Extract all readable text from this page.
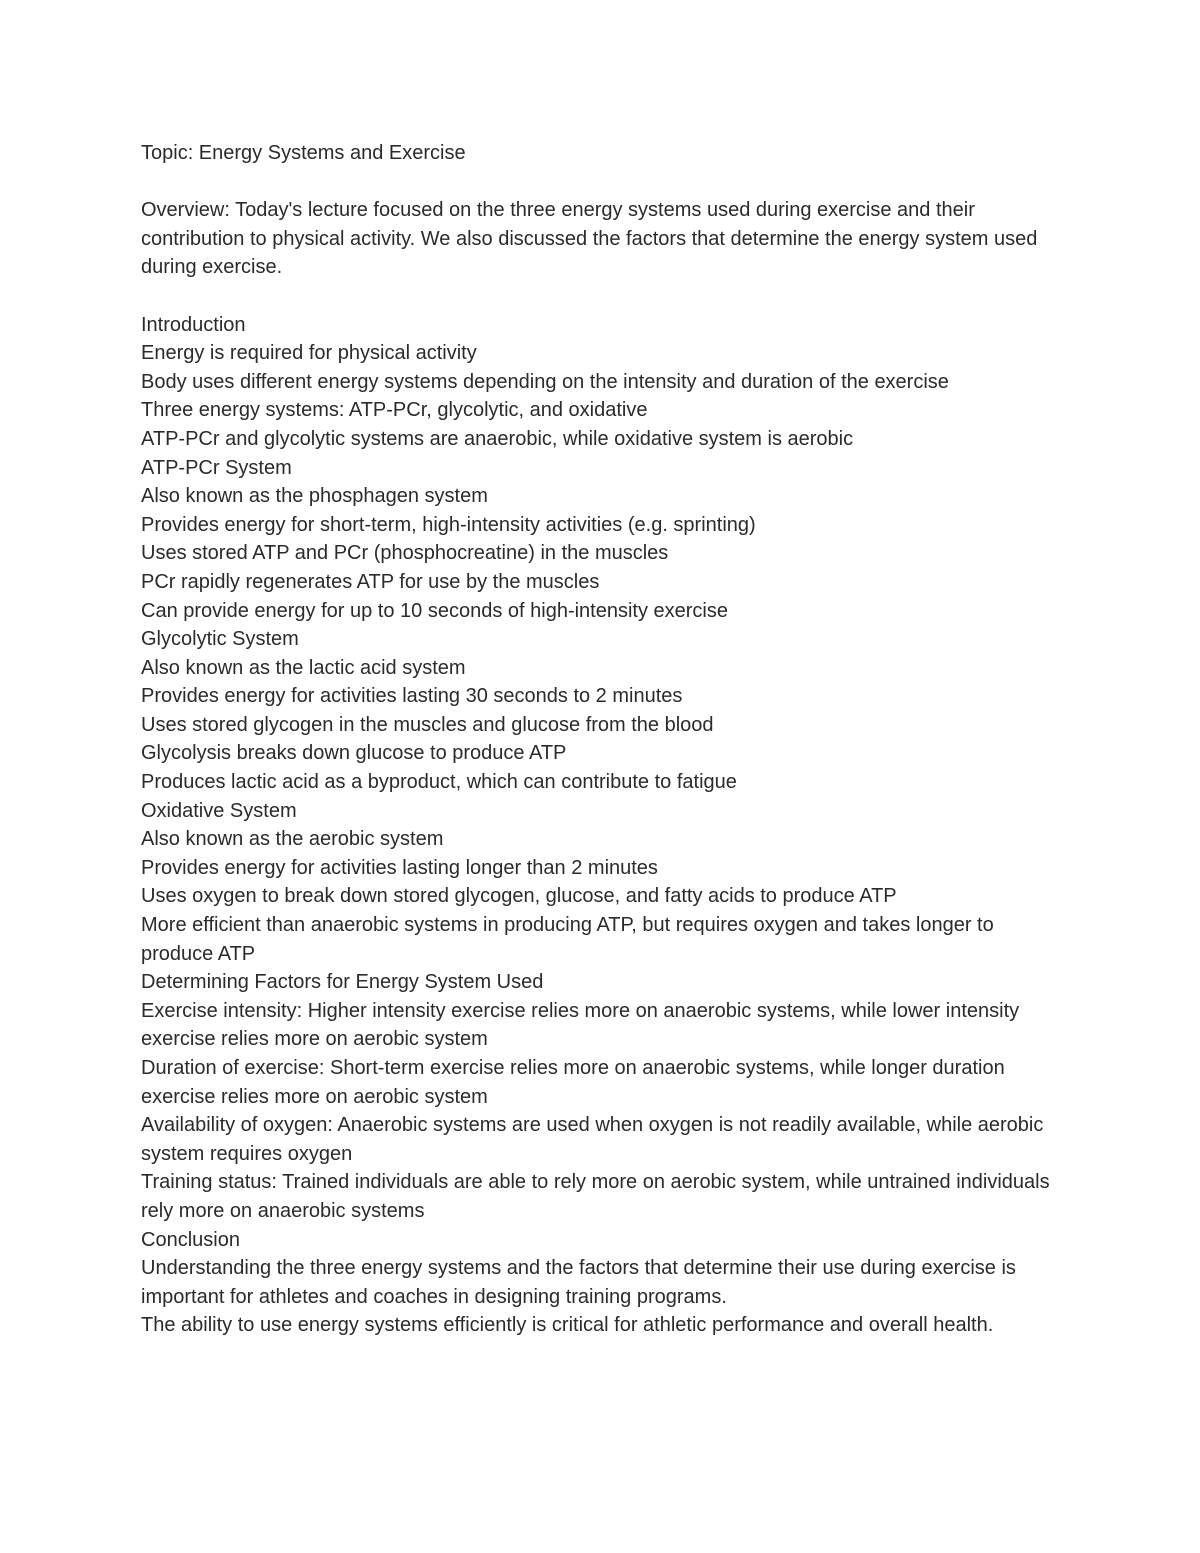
Topic: Energy Systems and Exercise

Overview: Today's lecture focused on the three energy systems used during exercise and their contribution to physical activity. We also discussed the factors that determine the energy system used during exercise.

Introduction

Energy is required for physical activity

Body uses different energy systems depending on the intensity and duration of the exercise

Three energy systems: ATP-PCr, glycolytic, and oxidative

ATP-PCr and glycolytic systems are anaerobic, while oxidative system is aerobic

ATP-PCr System

Also known as the phosphagen system

Provides energy for short-term, high-intensity activities (e.g. sprinting)

Uses stored ATP and PCr (phosphocreatine) in the muscles

PCr rapidly regenerates ATP for use by the muscles

Can provide energy for up to 10 seconds of high-intensity exercise

Glycolytic System

Also known as the lactic acid system

Provides energy for activities lasting 30 seconds to 2 minutes

Uses stored glycogen in the muscles and glucose from the blood

Glycolysis breaks down glucose to produce ATP

Produces lactic acid as a byproduct, which can contribute to fatigue

Oxidative System

Also known as the aerobic system

Provides energy for activities lasting longer than 2 minutes

Uses oxygen to break down stored glycogen, glucose, and fatty acids to produce ATP

More efficient than anaerobic systems in producing ATP, but requires oxygen and takes longer to produce ATP

Determining Factors for Energy System Used

Exercise intensity: Higher intensity exercise relies more on anaerobic systems, while lower intensity exercise relies more on aerobic system

Duration of exercise: Short-term exercise relies more on anaerobic systems, while longer duration exercise relies more on aerobic system

Availability of oxygen: Anaerobic systems are used when oxygen is not readily available, while aerobic system requires oxygen

Training status: Trained individuals are able to rely more on aerobic system, while untrained individuals rely more on anaerobic systems

Conclusion

Understanding the three energy systems and the factors that determine their use during exercise is important for athletes and coaches in designing training programs.

The ability to use energy systems efficiently is critical for athletic performance and overall health.
